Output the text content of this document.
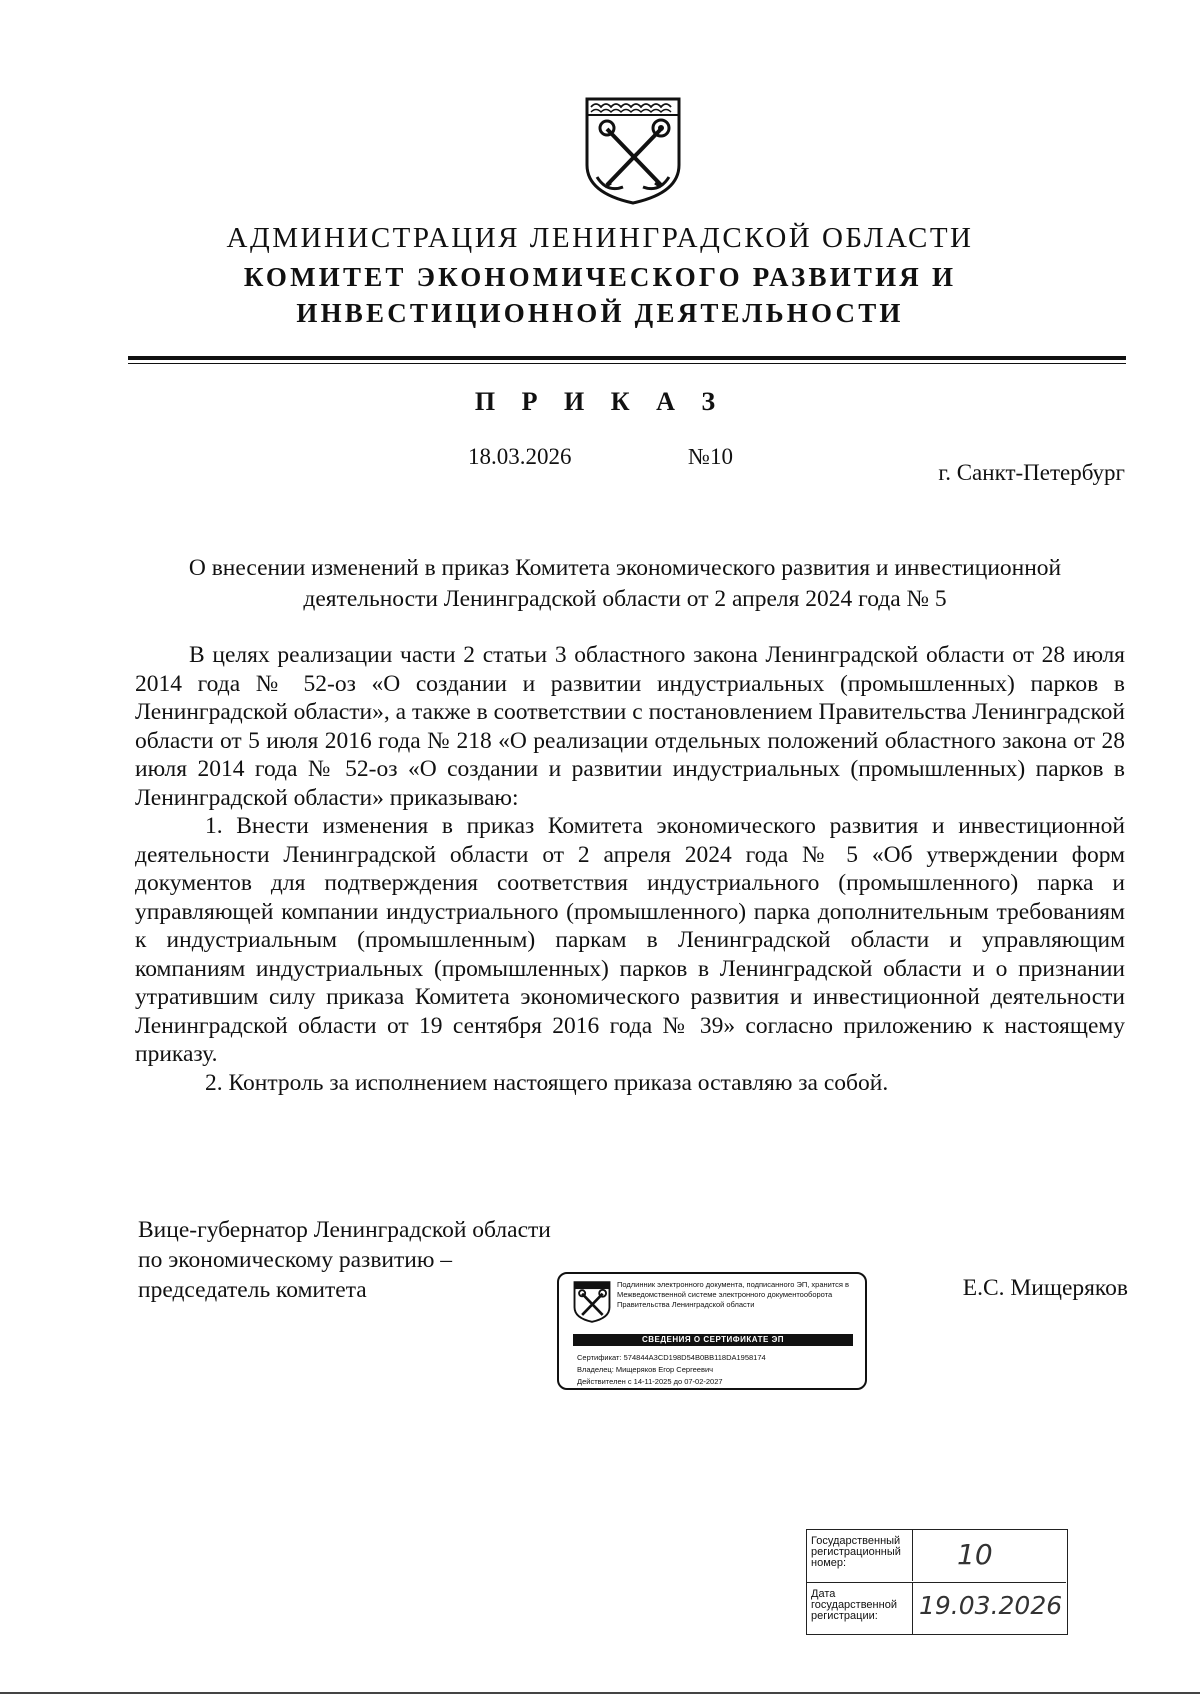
АДМИНИСТРАЦИЯ ЛЕНИНГРАДСКОЙ ОБЛАСТИ
КОМИТЕТ ЭКОНОМИЧЕСКОГО РАЗВИТИЯ И
ИНВЕСТИЦИОННОЙ ДЕЯТЕЛЬНОСТИ
П Р И К А З
18.03.2026	№10
г. Санкт-Петербург
О внесении изменений в приказ Комитета экономического развития и инвестиционной деятельности Ленинградской области от 2 апреля 2024 года № 5

В целях реализации части 2 статьи 3 областного закона Ленинградской области от 28 июля 2014 года № 52-оз «О создании и развитии индустриальных (промышленных) парков в Ленинградской области», а также в соответствии с постановлением Правительства Ленинградской области от 5 июля 2016 года № 218 «О реализации отдельных положений областного закона от 28 июля 2014 года № 52-оз «О создании и развитии индустриальных (промышленных) парков в Ленинградской области» приказываю:

1. Внести изменения в приказ Комитета экономического развития и инвестиционной деятельности Ленинградской области от 2 апреля 2024 года № 5 «Об утверждении форм документов для подтверждения соответствия индустриального (промышленного) парка и управляющей компании индустриального (промышленного) парка дополнительным требованиям к индустриальным (промышленным) паркам в Ленинградской области и управляющим компаниям индустриальных (промышленных) парков в Ленинградской области и о признании утратившим силу приказа Комитета экономического развития и инвестиционной деятельности Ленинградской области от 19 сентября 2016 года № 39» согласно приложению к настоящему приказу.

2. Контроль за исполнением настоящего приказа оставляю за собой.

Вице-губернатор Ленинградской области
по экономическому развитию –
председатель комитета	Е.С. Мищеряков
Подлинник электронного документа, подписанного ЭП, хранится в Межведомственной системе электронного документооборота Правительства Ленинградской области
СВЕДЕНИЯ О СЕРТИФИКАТЕ ЭП
Сертификат: 574844A3CD198D54B0BB118DA1958174
Владелец: Мищеряков Егор Сергеевич
Действителен с 14-11-2025 до 07-02-2027
Государственный регистрационный номер:	10
Дата государственной регистрации:	19.03.2026
